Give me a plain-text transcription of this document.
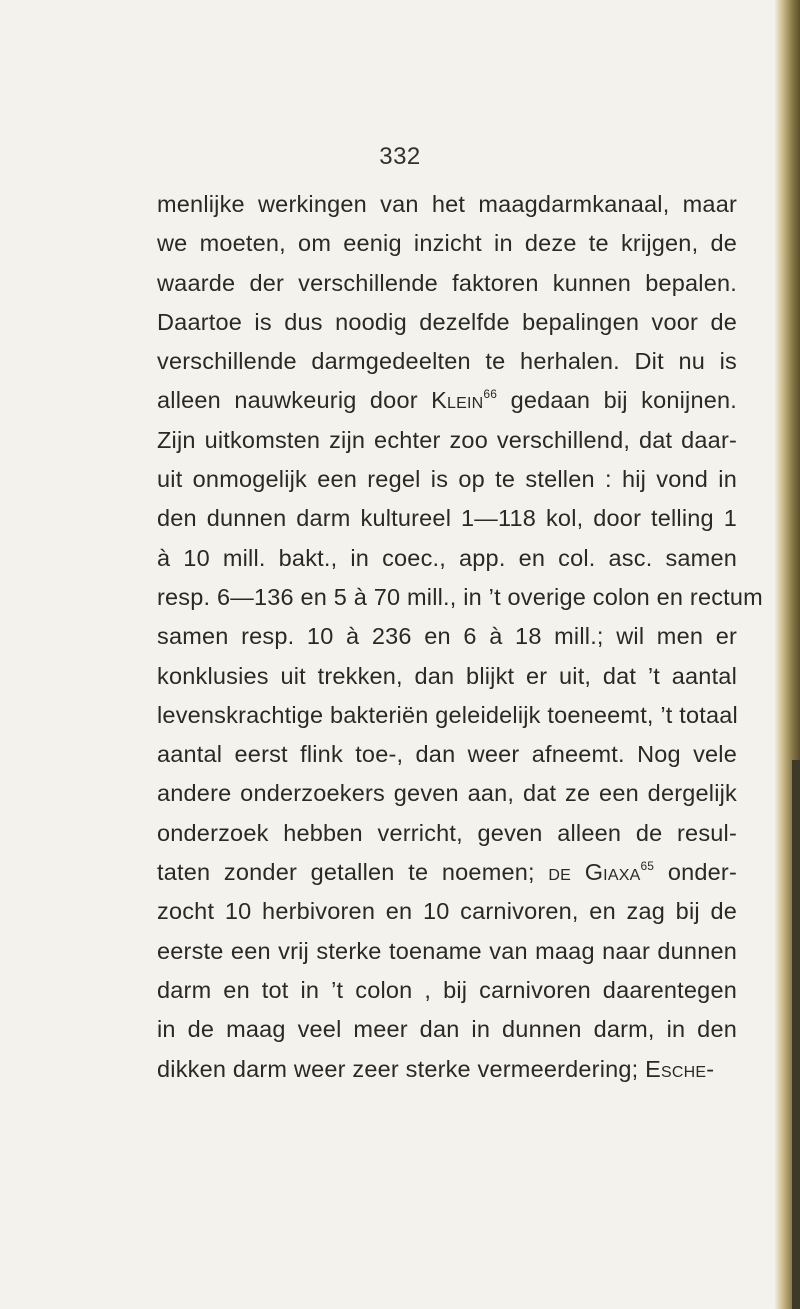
332
menlijke werkingen van het maagdarmkanaal, maar
we moeten, om eenig inzicht in deze te krijgen, de
waarde der verschillende faktoren kunnen bepalen.
Daartoe is dus noodig dezelfde bepalingen voor de
verschillende darmgedeelten te herhalen. Dit nu is
alleen nauwkeurig door Klein$^{66}$ gedaan bij konijnen.
Zijn uitkomsten zijn echter zoo verschillend, dat daar-
uit onmogelijk een regel is op te stellen : hij vond in
den dunnen darm kultureel 1—118 kol, door telling 1
à 10 mill. bakt., in coec., app. en col. asc. samen
resp. 6—136 en 5 à 70 mill., in ’t overige colon en rectum
samen resp. 10 à 236 en 6 à 18 mill.; wil men er
konklusies uit trekken, dan blijkt er uit, dat ’t aantal
levenskrachtige bakteriën geleidelijk toeneemt, ’t totaal
aantal eerst flink toe-, dan weer afneemt. Nog vele
andere onderzoekers geven aan, dat ze een dergelijk
onderzoek hebben verricht, geven alleen de resul-
taten zonder getallen te noemen; de Giaxa$^{65}$ onder-
zocht 10 herbivoren en 10 carnivoren, en zag bij de
eerste een vrij sterke toename van maag naar dunnen
darm en tot in ’t colon , bij carnivoren daarentegen
in de maag veel meer dan in dunnen darm, in den
dikken darm weer zeer sterke vermeerdering; Esche-
